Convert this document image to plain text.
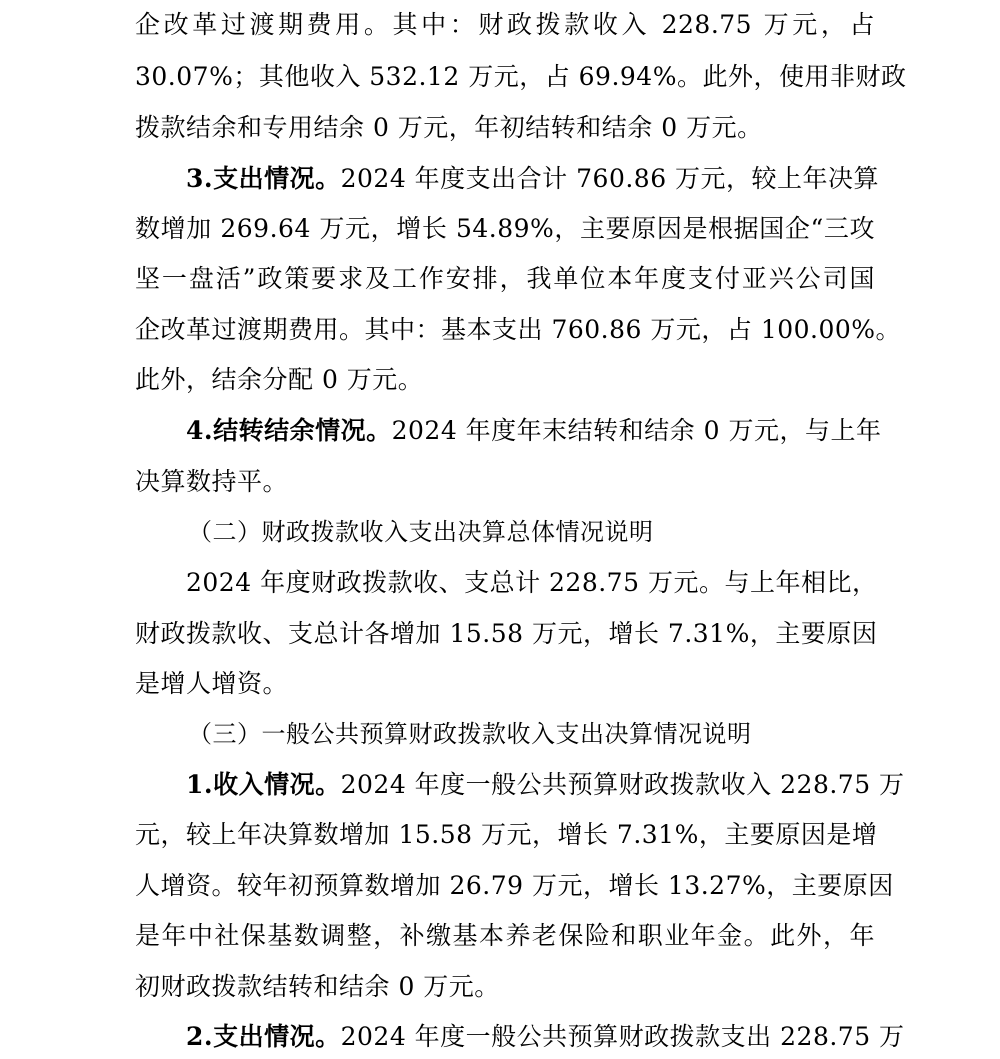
企改革过渡期费用。其中：财政拨款收入 228.75 万元，占
30.07%；其他收入 532.12 万元，占 69.94%。此外，使用非财政
拨款结余和专用结余 0 万元，年初结转和结余 0 万元。
3.支出情况。2024 年度支出合计 760.86 万元，较上年决算
数增加 269.64 万元，增长 54.89%，主要原因是根据国企“三攻
坚一盘活”政策要求及工作安排，我单位本年度支付亚兴公司国
企改革过渡期费用。其中：基本支出 760.86 万元，占 100.00%。
此外，结余分配 0 万元。
4.结转结余情况。2024 年度年末结转和结余 0 万元，与上年
决算数持平。
（二）财政拨款收入支出决算总体情况说明
2024 年度财政拨款收、支总计 228.75 万元。与上年相比，
财政拨款收、支总计各增加 15.58 万元，增长 7.31%，主要原因
是增人增资。
（三）一般公共预算财政拨款收入支出决算情况说明
1.收入情况。2024 年度一般公共预算财政拨款收入 228.75 万
元，较上年决算数增加 15.58 万元，增长 7.31%，主要原因是增
人增资。较年初预算数增加 26.79 万元，增长 13.27%，主要原因
是年中社保基数调整，补缴基本养老保险和职业年金。此外，年
初财政拨款结转和结余 0 万元。
2.支出情况。2024 年度一般公共预算财政拨款支出 228.75 万
